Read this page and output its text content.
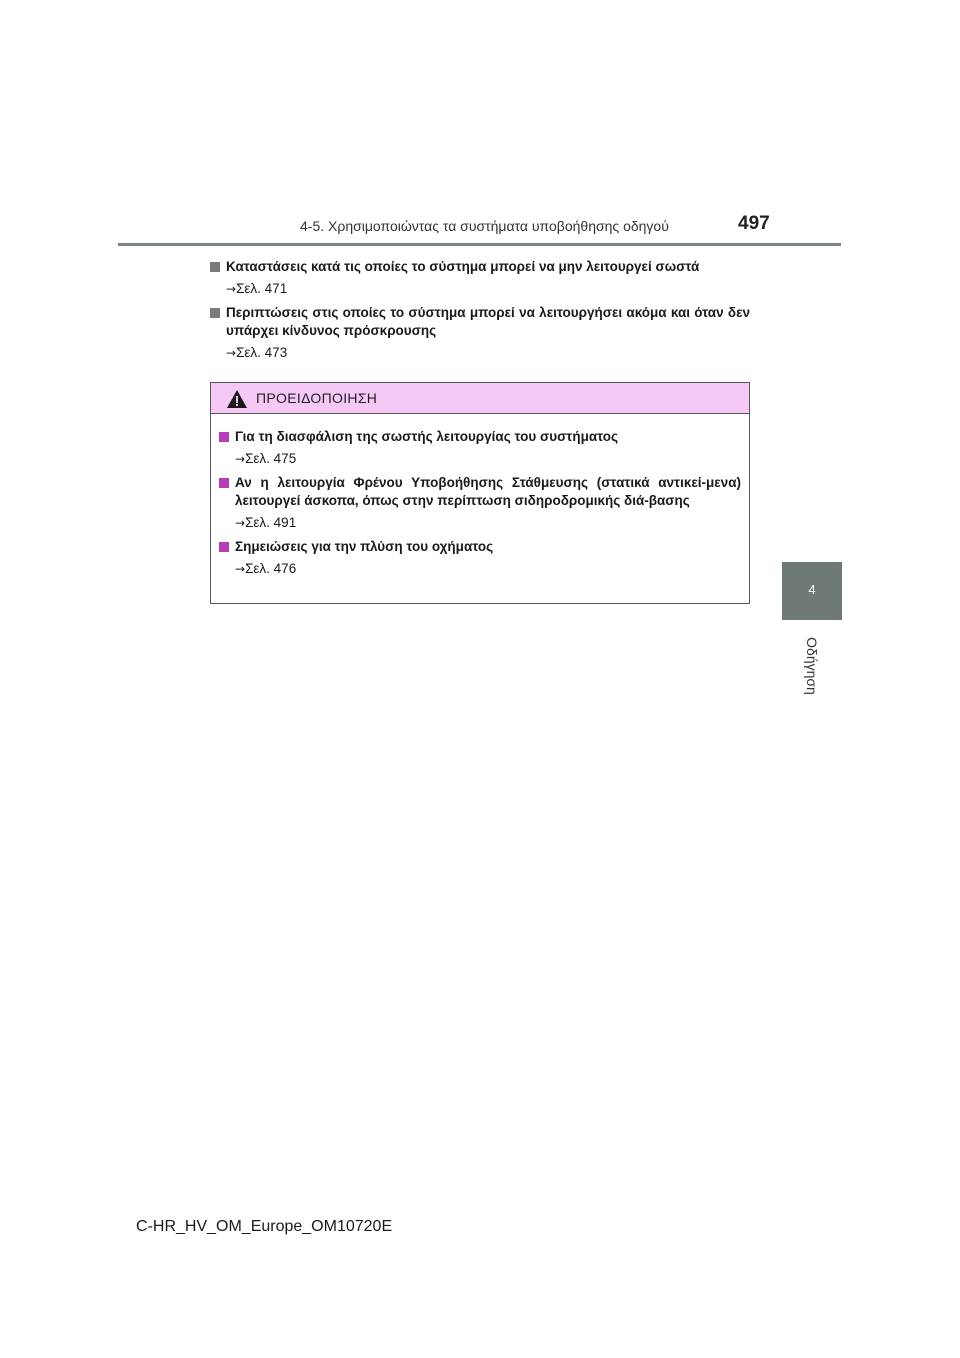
4-5. Χρησιμοποιώντας τα συστήματα υποβοήθησης οδηγού	497
4
Οδήγηση
Καταστάσεις κατά τις οποίες το σύστημα μπορεί να μην λειτουργεί σωστά
→Σελ. 471
Περιπτώσεις στις οποίες το σύστημα μπορεί να λειτουργήσει ακόμα και όταν δεν υπάρχει κίνδυνος πρόσκρουσης
→Σελ. 473
ΠΡΟΕΙΔΟΠΟΙΗΣΗ
Για τη διασφάλιση της σωστής λειτουργίας του συστήματος
→Σελ. 475
Αν η λειτουργία Φρένου Υποβοήθησης Στάθμευσης (στατικά αντικεί-μενα) λειτουργεί άσκοπα, όπως στην περίπτωση σιδηροδρομικής διά-βασης
→Σελ. 491
Σημειώσεις για την πλύση του οχήματος
→Σελ. 476
C-HR_HV_OM_Europe_OM10720E
